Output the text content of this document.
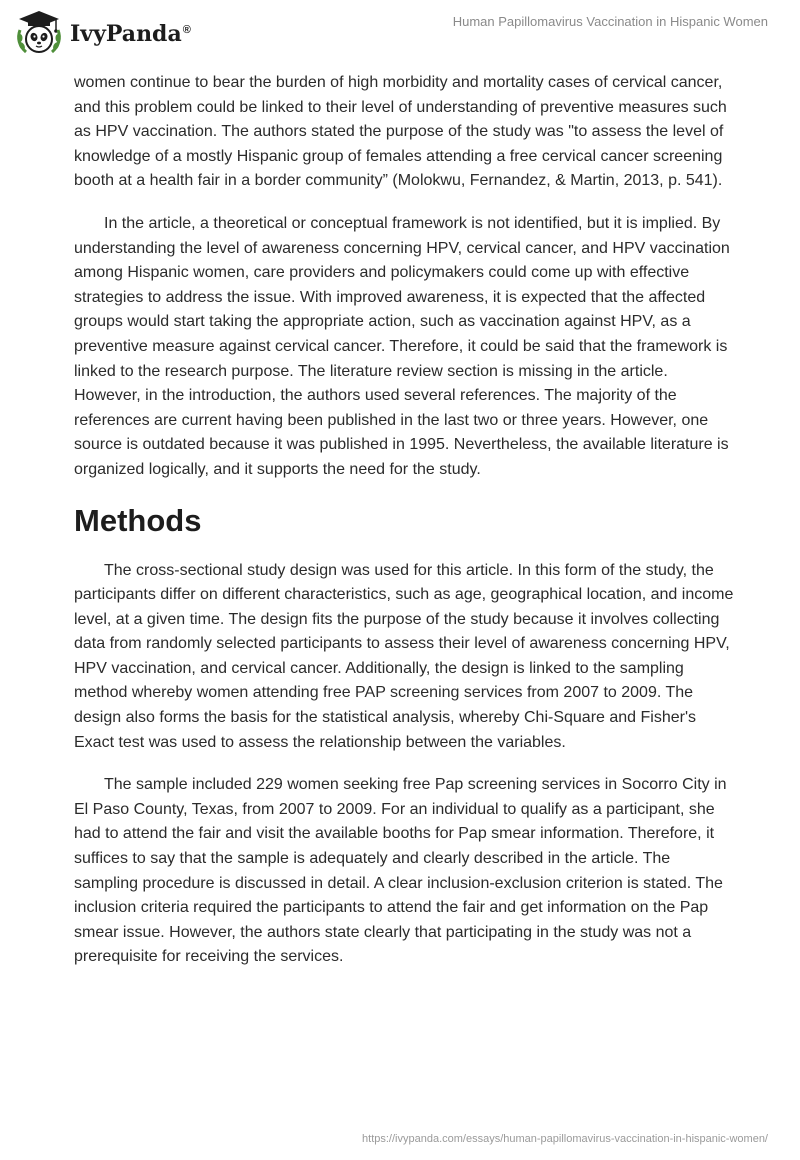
IvyPanda®
Human Papillomavirus Vaccination in Hispanic Women

women continue to bear the burden of high morbidity and mortality cases of cervical cancer, and this problem could be linked to their level of understanding of preventive measures such as HPV vaccination. The authors stated the purpose of the study was "to assess the level of knowledge of a mostly Hispanic group of females attending a free cervical cancer screening booth at a health fair in a border community” (Molokwu, Fernandez, & Martin, 2013, p. 541).

In the article, a theoretical or conceptual framework is not identified, but it is implied. By understanding the level of awareness concerning HPV, cervical cancer, and HPV vaccination among Hispanic women, care providers and policymakers could come up with effective strategies to address the issue. With improved awareness, it is expected that the affected groups would start taking the appropriate action, such as vaccination against HPV, as a preventive measure against cervical cancer. Therefore, it could be said that the framework is linked to the research purpose. The literature review section is missing in the article. However, in the introduction, the authors used several references. The majority of the references are current having been published in the last two or three years. However, one source is outdated because it was published in 1995. Nevertheless, the available literature is organized logically, and it supports the need for the study.

Methods

The cross-sectional study design was used for this article. In this form of the study, the participants differ on different characteristics, such as age, geographical location, and income level, at a given time. The design fits the purpose of the study because it involves collecting data from randomly selected participants to assess their level of awareness concerning HPV, HPV vaccination, and cervical cancer. Additionally, the design is linked to the sampling method whereby women attending free PAP screening services from 2007 to 2009. The design also forms the basis for the statistical analysis, whereby Chi-Square and Fisher's Exact test was used to assess the relationship between the variables.

The sample included 229 women seeking free Pap screening services in Socorro City in El Paso County, Texas, from 2007 to 2009. For an individual to qualify as a participant, she had to attend the fair and visit the available booths for Pap smear information. Therefore, it suffices to say that the sample is adequately and clearly described in the article. The sampling procedure is discussed in detail. A clear inclusion-exclusion criterion is stated. The inclusion criteria required the participants to attend the fair and get information on the Pap smear issue. However, the authors state clearly that participating in the study was not a prerequisite for receiving the services.

https://ivypanda.com/essays/human-papillomavirus-vaccination-in-hispanic-women/
